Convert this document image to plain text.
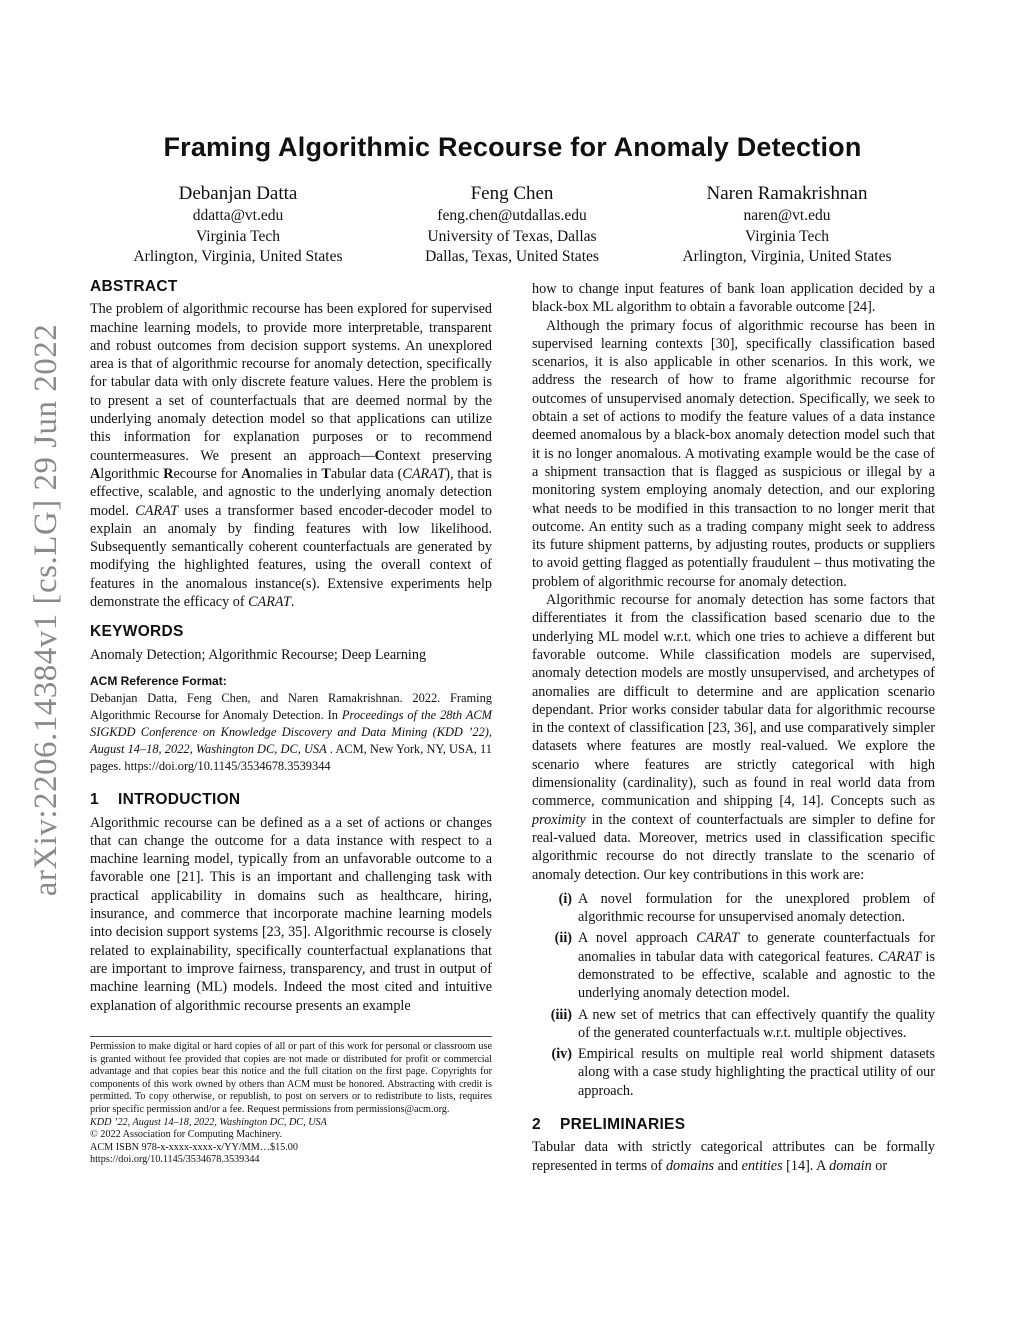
arXiv:2206.14384v1 [cs.LG] 29 Jun 2022
Framing Algorithmic Recourse for Anomaly Detection
Debanjan Datta
ddatta@vt.edu
Virginia Tech
Arlington, Virginia, United States
Feng Chen
feng.chen@utdallas.edu
University of Texas, Dallas
Dallas, Texas, United States
Naren Ramakrishnan
naren@vt.edu
Virginia Tech
Arlington, Virginia, United States
ABSTRACT

The problem of algorithmic recourse has been explored for supervised machine learning models, to provide more interpretable, transparent and robust outcomes from decision support systems. An unexplored area is that of algorithmic recourse for anomaly detection, specifically for tabular data with only discrete feature values. Here the problem is to present a set of counterfactuals that are deemed normal by the underlying anomaly detection model so that applications can utilize this information for explanation purposes or to recommend countermeasures. We present an approach—Context preserving Algorithmic Recourse for Anomalies in Tabular data (CARAT), that is effective, scalable, and agnostic to the underlying anomaly detection model. CARAT uses a transformer based encoder-decoder model to explain an anomaly by finding features with low likelihood. Subsequently semantically coherent counterfactuals are generated by modifying the highlighted features, using the overall context of features in the anomalous instance(s). Extensive experiments help demonstrate the efficacy of CARAT.

KEYWORDS

Anomaly Detection; Algorithmic Recourse; Deep Learning

ACM Reference Format:

Debanjan Datta, Feng Chen, and Naren Ramakrishnan. 2022. Framing Algorithmic Recourse for Anomaly Detection. In Proceedings of the 28th ACM SIGKDD Conference on Knowledge Discovery and Data Mining (KDD ’22), August 14–18, 2022, Washington DC, DC, USA . ACM, New York, NY, USA, 11 pages. https://doi.org/10.1145/3534678.3539344

1 INTRODUCTION

Algorithmic recourse can be defined as a a set of actions or changes that can change the outcome for a data instance with respect to a machine learning model, typically from an unfavorable outcome to a favorable one [21]. This is an important and challenging task with practical applicability in domains such as healthcare, hiring, insurance, and commerce that incorporate machine learning models into decision support systems [23, 35]. Algorithmic recourse is closely related to explainability, specifically counterfactual explanations that are important to improve fairness, transparency, and trust in output of machine learning (ML) models. Indeed the most cited and intuitive explanation of algorithmic recourse presents an example

Permission to make digital or hard copies of all or part of this work for personal or classroom use is granted without fee provided that copies are not made or distributed for profit or commercial advantage and that copies bear this notice and the full citation on the first page. Copyrights for components of this work owned by others than ACM must be honored. Abstracting with credit is permitted. To copy otherwise, or republish, to post on servers or to redistribute to lists, requires prior specific permission and/or a fee. Request permissions from permissions@acm.org.

KDD ’22, August 14–18, 2022, Washington DC, DC, USA

© 2022 Association for Computing Machinery.

ACM ISBN 978-x-xxxx-xxxx-x/YY/MM…$15.00

https://doi.org/10.1145/3534678.3539344

how to change input features of bank loan application decided by a black-box ML algorithm to obtain a favorable outcome [24].

Although the primary focus of algorithmic recourse has been in supervised learning contexts [30], specifically classification based scenarios, it is also applicable in other scenarios. In this work, we address the research of how to frame algorithmic recourse for outcomes of unsupervised anomaly detection. Specifically, we seek to obtain a set of actions to modify the feature values of a data instance deemed anomalous by a black-box anomaly detection model such that it is no longer anomalous. A motivating example would be the case of a shipment transaction that is flagged as suspicious or illegal by a monitoring system employing anomaly detection, and our exploring what needs to be modified in this transaction to no longer merit that outcome. An entity such as a trading company might seek to address its future shipment patterns, by adjusting routes, products or suppliers to avoid getting flagged as potentially fraudulent – thus motivating the problem of algorithmic recourse for anomaly detection.

Algorithmic recourse for anomaly detection has some factors that differentiates it from the classification based scenario due to the underlying ML model w.r.t. which one tries to achieve a different but favorable outcome. While classification models are supervised, anomaly detection models are mostly unsupervised, and archetypes of anomalies are difficult to determine and are application scenario dependant. Prior works consider tabular data for algorithmic recourse in the context of classification [23, 36], and use comparatively simpler datasets where features are mostly real-valued. We explore the scenario where features are strictly categorical with high dimensionality (cardinality), such as found in real world data from commerce, communication and shipping [4, 14]. Concepts such as proximity in the context of counterfactuals are simpler to define for real-valued data. Moreover, metrics used in classification specific algorithmic recourse do not directly translate to the scenario of anomaly detection. Our key contributions in this work are:

(i) A novel formulation for the unexplored problem of algorithmic recourse for unsupervised anomaly detection.
(ii) A novel approach CARAT to generate counterfactuals for anomalies in tabular data with categorical features. CARAT is demonstrated to be effective, scalable and agnostic to the underlying anomaly detection model.
(iii) A new set of metrics that can effectively quantify the quality of the generated counterfactuals w.r.t. multiple objectives.
(iv) Empirical results on multiple real world shipment datasets along with a case study highlighting the practical utility of our approach.
2 PRELIMINARIES

Tabular data with strictly categorical attributes can be formally represented in terms of domains and entities [14]. A domain or
